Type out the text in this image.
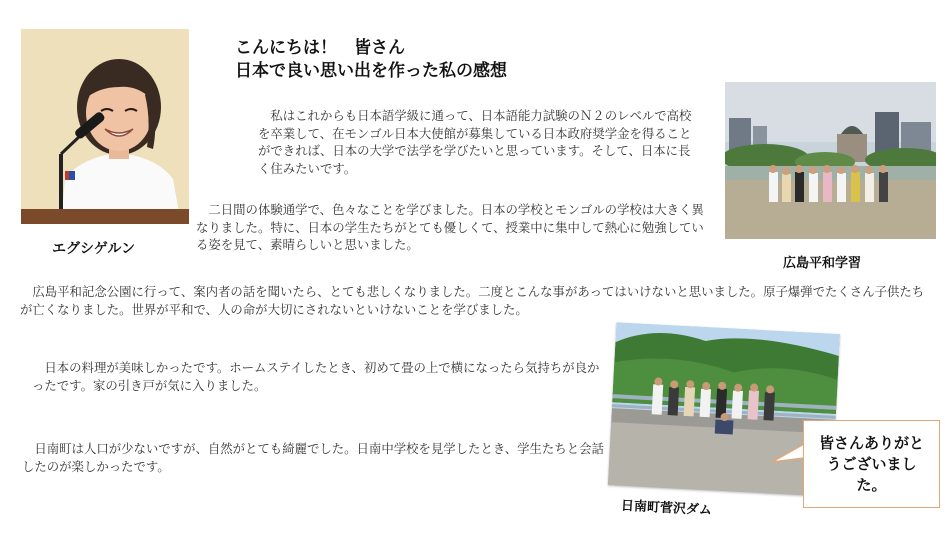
エグシゲルン
こんにちは！　皆さん
日本で良い思い出を作った私の感想
　私はこれからも日本語学級に通って、日本語能力試験のＮ２のレベルで高校を卒業して、在モンゴル日本大使館が募集している日本政府奨学金を得ることができれば、日本の大学で法学を学びたいと思っています。そして、日本に長く住みたいです。
　二日間の体験通学で、色々なことを学びました。日本の学校とモンゴルの学校は大きく異なりました。特に、日本の学生たちがとても優しくて、授業中に集中して熱心に勉強している姿を見て、素晴らしいと思いました。
　広島平和記念公園に行って、案内者の話を聞いたら、とても悲しくなりました。二度とこんな事があってはいけないと思いました。原子爆弾でたくさん子供たちが亡くなりました。世界が平和で、人の命が大切にされないといけないことを学びました。
　日本の料理が美味しかったです。ホームステイしたとき、初めて畳の上で横になったら気持ちが良かったです。家の引き戸が気に入りました。
　日南町は人口が少ないですが、自然がとても綺麗でした。日南中学校を見学したとき、学生たちと会話したのが楽しかったです。
広島平和学習
日南町菅沢ダム
皆さんありがとうございました。
